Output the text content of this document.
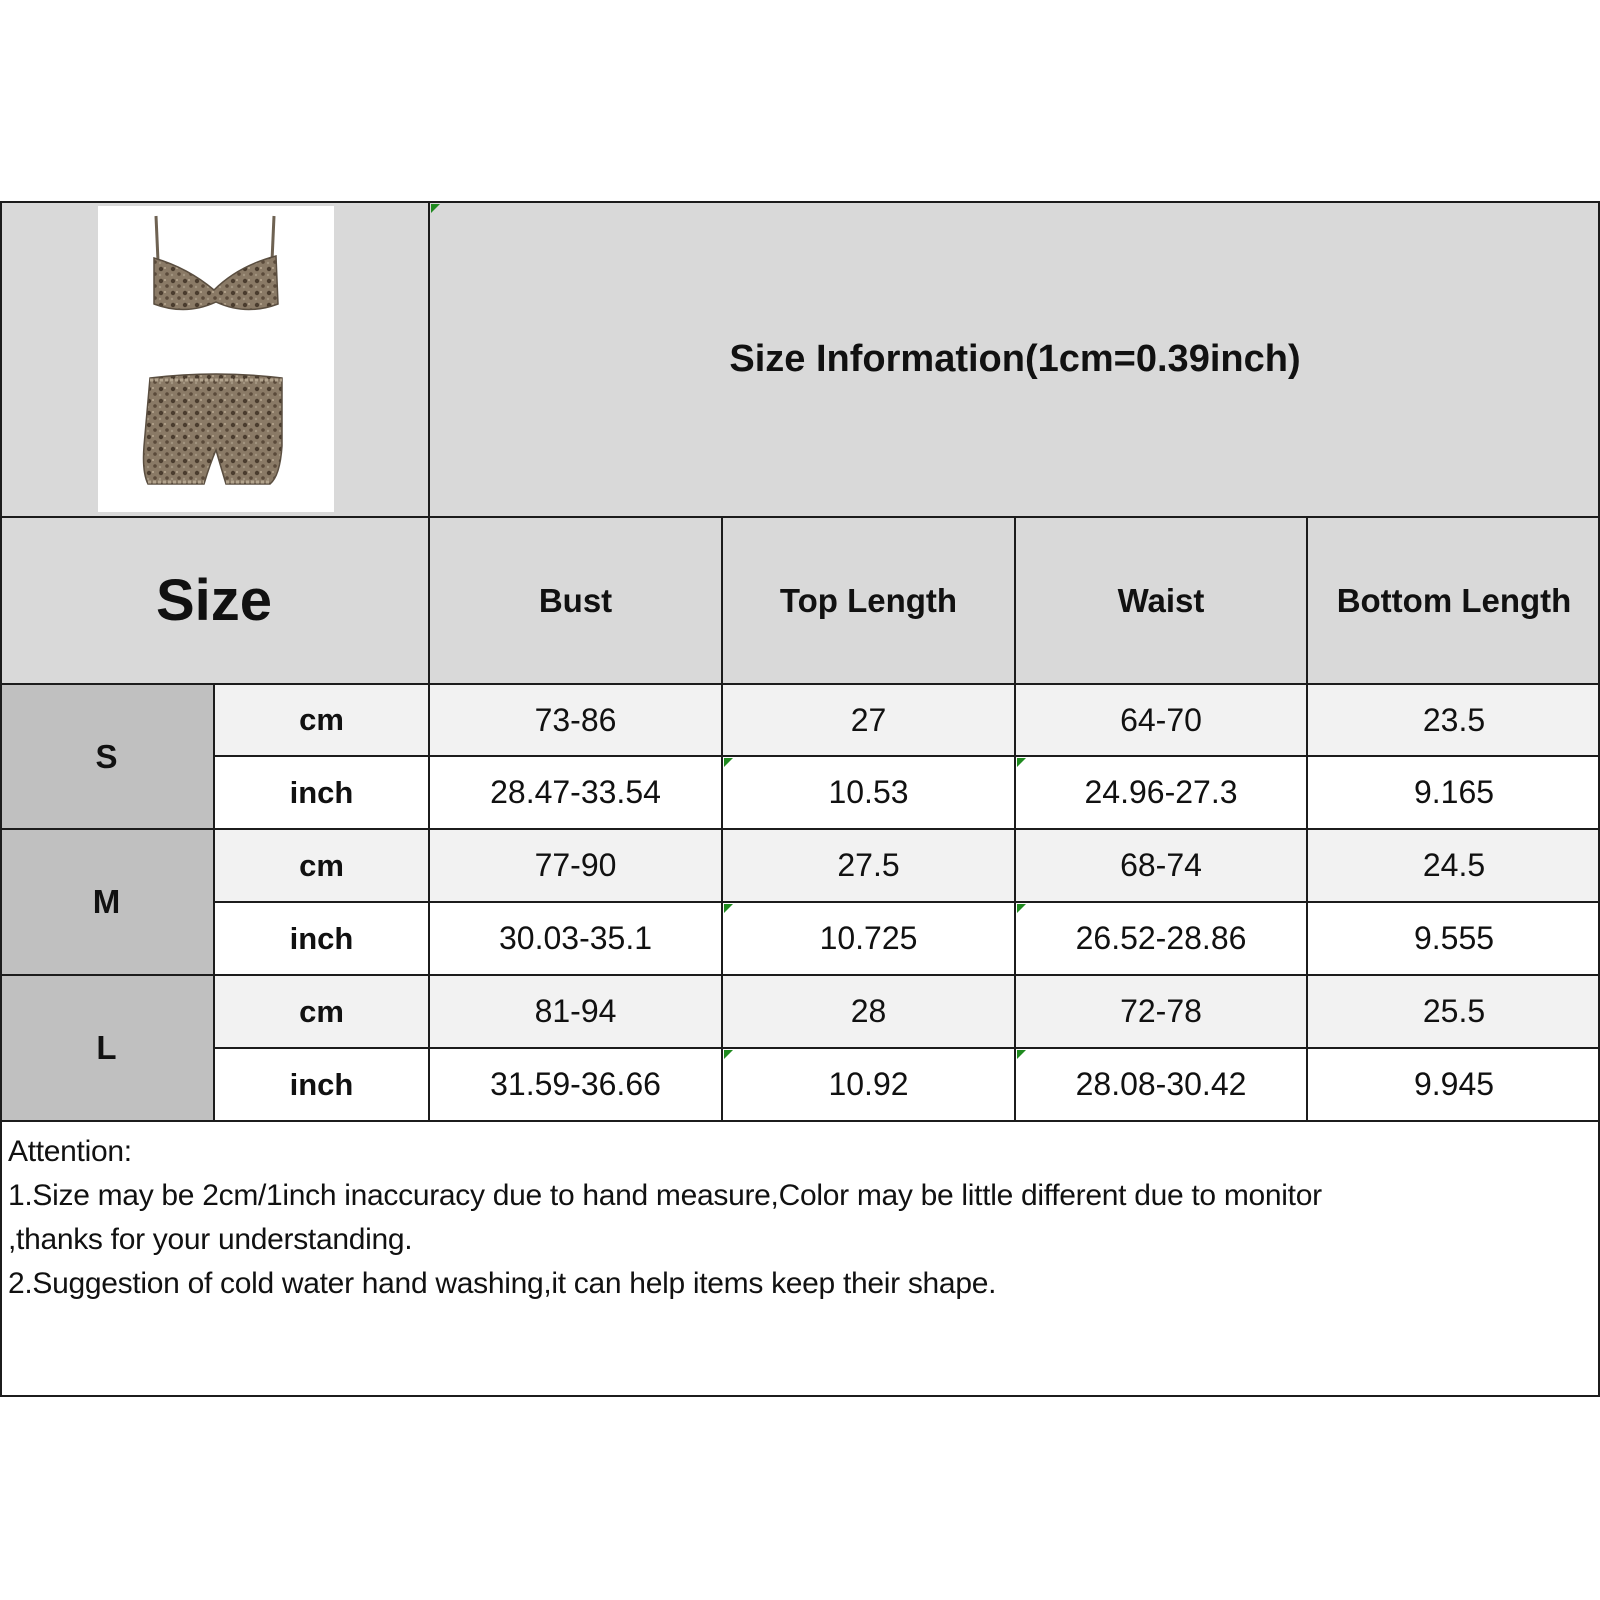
Size Information(1cm=0.39inch)
Size	Bust	Top Length	Waist	Bottom Length
S
cm	73-86	27	64-70	23.5
inch	28.47-33.54	10.53	24.96-27.3	9.165
M
cm	77-90	27.5	68-74	24.5
inch	30.03-35.1	10.725	26.52-28.86	9.555
L
cm	81-94	28	72-78	25.5
inch	31.59-36.66	10.92	28.08-30.42	9.945
Attention:
1.Size may be 2cm/1inch inaccuracy due to hand measure,Color may be little different due to monitor
,thanks for your understanding.
2.Suggestion of cold water hand washing,it can help items keep their shape.
